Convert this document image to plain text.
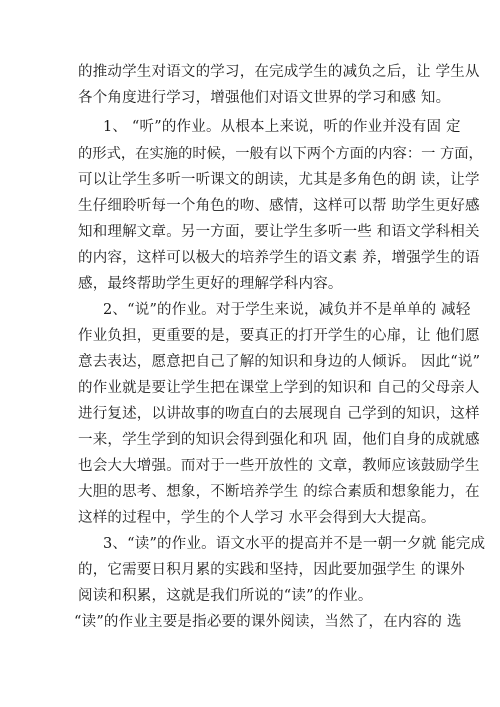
的推动学生对语文的学习，在完成学生的减负之后，让 学生从
各个角度进行学习，增强他们对语文世界的学习和感 知。
1、 “听”的作业。从根本上来说，听的作业并没有固 定
的形式，在实施的时候，一般有以下两个方面的内容：一 方面，
可以让学生多听一听课文的朗读，尤其是多角色的朗 读，让学
生仔细聆听每一个角色的吻、感情，这样可以帮 助学生更好感
知和理解文章。另一方面，要让学生多听一些 和语文学科相关
的内容，这样可以极大的培养学生的语文素 养，增强学生的语
感，最终帮助学生更好的理解学科内容。
2、“说”的作业。对于学生来说，减负并不是单单的 减轻
作业负担，更重要的是，要真正的打开学生的心扉，让 他们愿
意去表达，愿意把自己了解的知识和身边的人倾诉。 因此“说”
的作业就是要让学生把在课堂上学到的知识和 自己的父母亲人
进行复述，以讲故事的吻直白的去展现自 己学到的知识，这样
一来，学生学到的知识会得到强化和巩 固，他们自身的成就感
也会大大增强。而对于一些开放性的 文章，教师应该鼓励学生
大胆的思考、想象，不断培养学生 的综合素质和想象能力，在
这样的过程中，学生的个人学习 水平会得到大大提高。
3、“读”的作业。语文水平的提高并不是一朝一夕就 能完成
的，它需要日积月累的实践和坚持，因此要加强学生 的课外
阅读和积累，这就是我们所说的“读”的作业。
“读”的作业主要是指必要的课外阅读，当然了，在内容的 选
